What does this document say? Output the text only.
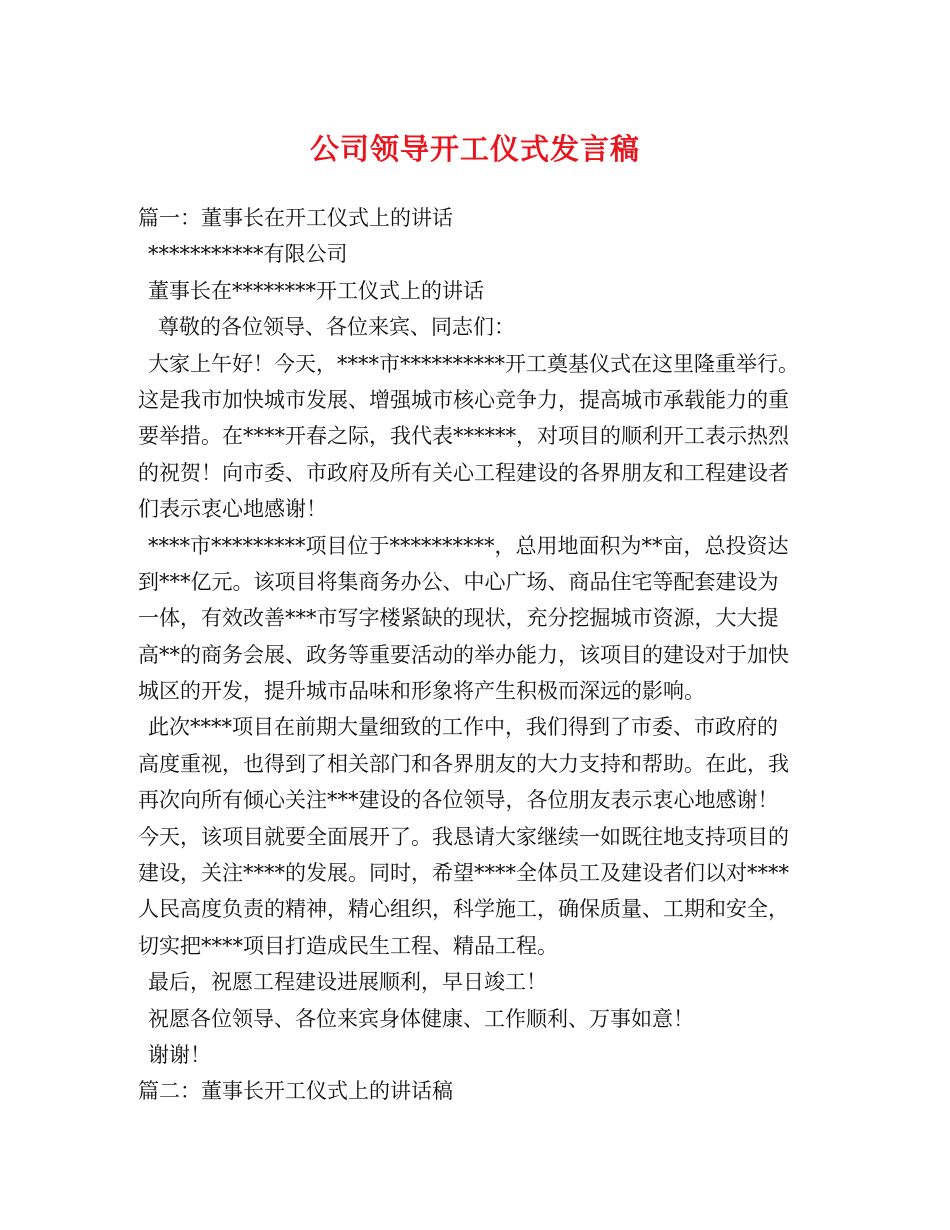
公司领导开工仪式发言稿
篇一：董事长在开工仪式上的讲话
***********有限公司
董事长在********开工仪式上的讲话
尊敬的各位领导、各位来宾、同志们：
大家上午好！今天，****市**********开工奠基仪式在这里隆重举行。
这是我市加快城市发展、增强城市核心竞争力，提高城市承载能力的重
要举措。在****开春之际，我代表******，对项目的顺利开工表示热烈
的祝贺！向市委、市政府及所有关心工程建设的各界朋友和工程建设者
们表示衷心地感谢！
****市*********项目位于**********，总用地面积为**亩，总投资达
到***亿元。该项目将集商务办公、中心广场、商品住宅等配套建设为
一体，有效改善***市写字楼紧缺的现状，充分挖掘城市资源，大大提
高**的商务会展、政务等重要活动的举办能力，该项目的建设对于加快
城区的开发，提升城市品味和形象将产生积极而深远的影响。
此次****项目在前期大量细致的工作中，我们得到了市委、市政府的
高度重视，也得到了相关部门和各界朋友的大力支持和帮助。在此，我
再次向所有倾心关注***建设的各位领导，各位朋友表示衷心地感谢！
今天，该项目就要全面展开了。我恳请大家继续一如既往地支持项目的
建设，关注****的发展。同时，希望****全体员工及建设者们以对****
人民高度负责的精神，精心组织，科学施工，确保质量、工期和安全，
切实把****项目打造成民生工程、精品工程。
最后，祝愿工程建设进展顺利，早日竣工！
祝愿各位领导、各位来宾身体健康、工作顺利、万事如意！
谢谢！
篇二：董事长开工仪式上的讲话稿
